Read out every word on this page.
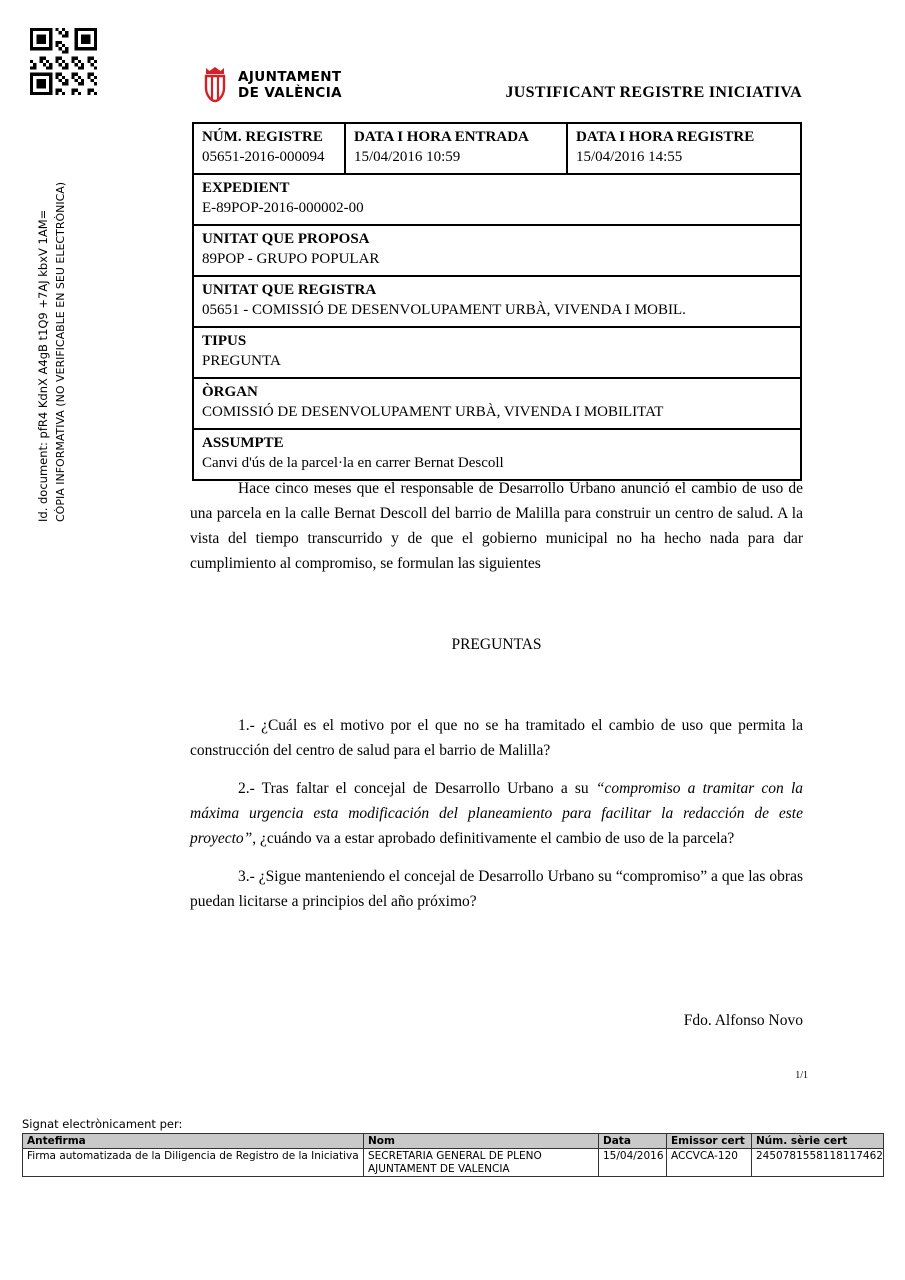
Id. document: pfR4 KdnX A4gB t1Q9 +7AJ kbxV 1AM= CÒPIA INFORMATIVA (NO VERIFICABLE EN SEU ELECTRÒNICA)
AJUNTAMENT
DE VALÈNCIA	JUSTIFICANT REGISTRE INICIATIVA
NÚM. REGISTRE
05651-2016-000094

DATA I HORA ENTRADA
15/04/2016 10:59

DATA I HORA REGISTRE
15/04/2016 14:55

EXPEDIENT
E-89POP-2016-000002-00

UNITAT QUE PROPOSA
89POP - GRUPO POPULAR

UNITAT QUE REGISTRA
05651 - COMISSIÓ DE DESENVOLUPAMENT URBÀ, VIVENDA I MOBIL.

TIPUS
PREGUNTA

ÒRGAN
COMISSIÓ DE DESENVOLUPAMENT URBÀ, VIVENDA I MOBILITAT

ASSUMPTE
Canvi d'ús de la parcel·la en carrer Bernat Descoll

Hace cinco meses que el responsable de Desarrollo Urbano anunció el cambio de uso de una parcela en la calle Bernat Descoll del barrio de Malilla para construir un centro de salud. A la vista del tiempo transcurrido y de que el gobierno municipal no ha hecho nada para dar cumplimiento al compromiso, se formulan las siguientes

PREGUNTAS

1.- ¿Cuál es el motivo por el que no se ha tramitado el cambio de uso que permita la construcción del centro de salud para el barrio de Malilla?

2.- Tras faltar el concejal de Desarrollo Urbano a su “compromiso a tramitar con la máxima urgencia esta modificación del planeamiento para facilitar la redacción de este proyecto”, ¿cuándo va a estar aprobado definitivamente el cambio de uso de la parcela?

3.- ¿Sigue manteniendo el concejal de Desarrollo Urbano su “compromiso” a que las obras puedan licitarse a principios del año próximo?

Fdo. Alfonso Novo
1/1
Signat electrònicament per:
Antefirma	Nom	Data	Emissor cert	Núm. sèrie cert
Firma automatizada de la Diligencia de Registro de la Iniciativa	SECRETARIA GENERAL DE PLENO
AJUNTAMENT DE VALENCIA	15/04/2016	ACCVCA-120	2450781558118117462
